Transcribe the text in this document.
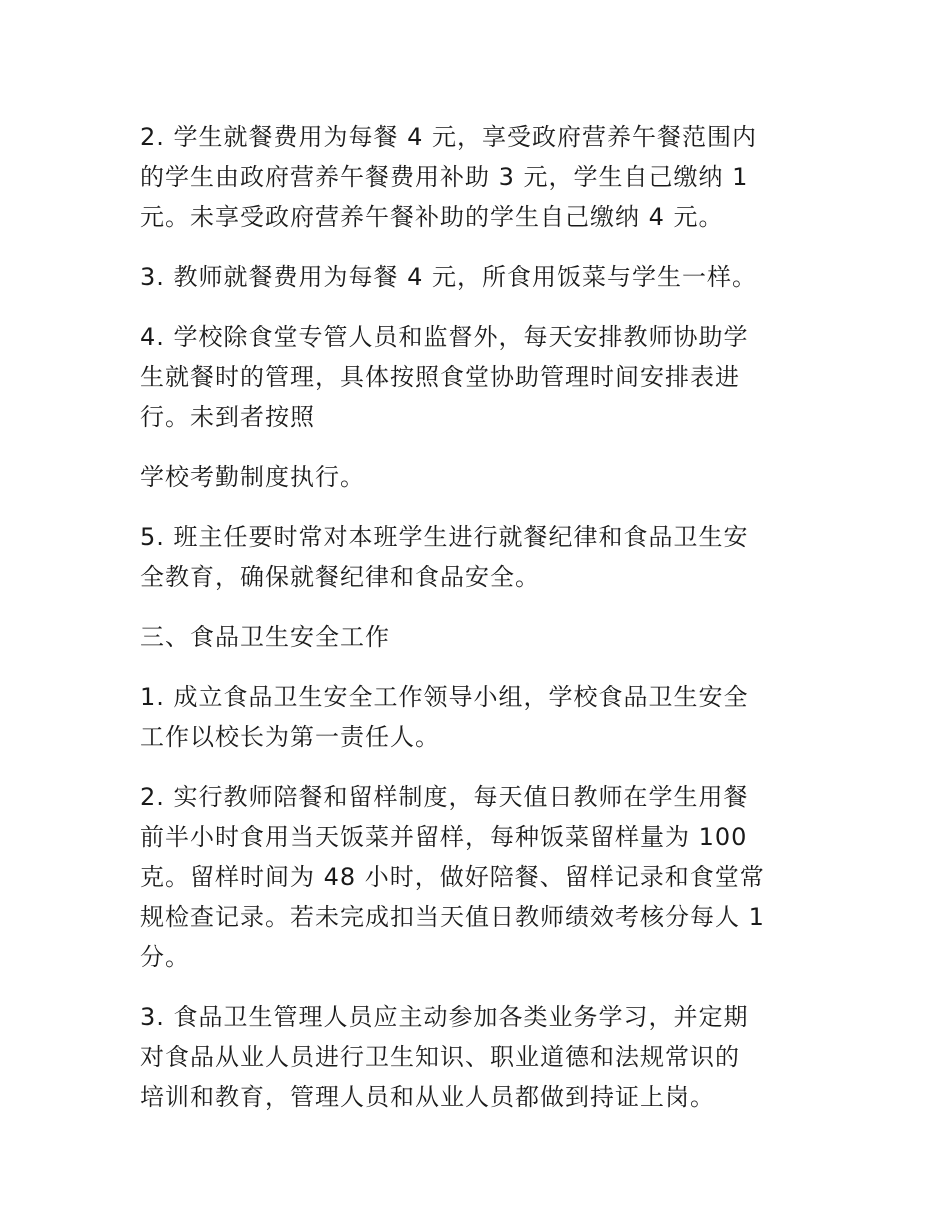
2. 学生就餐费用为每餐 4 元，享受政府营养午餐范围内
的学生由政府营养午餐费用补助 3 元，学生自己缴纳 1
元。未享受政府营养午餐补助的学生自己缴纳 4 元。

3. 教师就餐费用为每餐 4 元，所食用饭菜与学生一样。

4. 学校除食堂专管人员和监督外，每天安排教师协助学
生就餐时的管理，具体按照食堂协助管理时间安排表进
行。未到者按照

学校考勤制度执行。

5. 班主任要时常对本班学生进行就餐纪律和食品卫生安
全教育，确保就餐纪律和食品安全。

三、食品卫生安全工作

1. 成立食品卫生安全工作领导小组，学校食品卫生安全
工作以校长为第一责任人。

2. 实行教师陪餐和留样制度，每天值日教师在学生用餐
前半小时食用当天饭菜并留样，每种饭菜留样量为 100
克。留样时间为 48 小时，做好陪餐、留样记录和食堂常
规检查记录。若未完成扣当天值日教师绩效考核分每人 1
分。

3. 食品卫生管理人员应主动参加各类业务学习，并定期
对食品从业人员进行卫生知识、职业道德和法规常识的
培训和教育，管理人员和从业人员都做到持证上岗。
